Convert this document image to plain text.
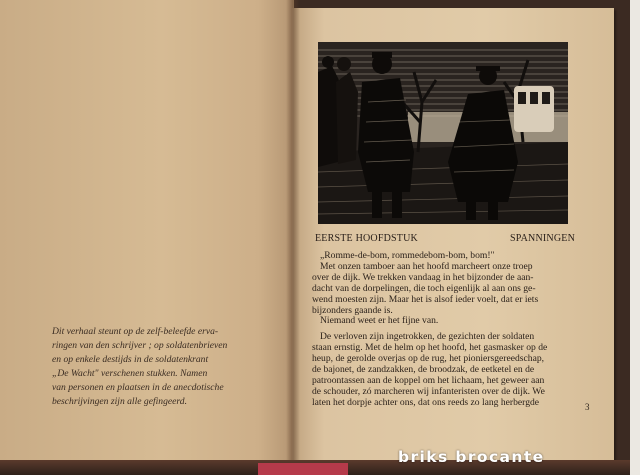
Dit verhaal steunt op de zelf-beleefde erva-
ringen van den schrijver ; op soldatenbrieven
en op enkele destijds in de soldatenkrant
„De Wacht" verschenen stukken. Namen
van personen en plaatsen in de anecdotische
beschrijvingen zijn alle gefingeerd.
EERSTE HOOFDSTUK	SPANNINGEN
„Romme-de-bom, rommedebom-bom, bom!"
Met onzen tamboer aan het hoofd marcheert onze troep
over de dijk. We trekken vandaag in het bijzonder de aan-
dacht van de dorpelingen, die toch eigenlijk al aan ons ge-
wend moesten zijn. Maar het is alsof ieder voelt, dat er iets
bijzonders gaande is.
Niemand weet er het fijne van.
De verloven zijn ingetrokken, de gezichten der soldaten
staan ernstig. Met de helm op het hoofd, het gasmasker op de
heup, de gerolde overjas op de rug, het pioniersgereedschap,
de bajonet, de zandzakken, de broodzak, de eetketel en de
patroontassen aan de koppel om het lichaam, het geweer aan
de schouder, zó marcheren wij infanteristen over de dijk. We
laten het dorpje achter ons, dat ons reeds zo lang herbergde	3
briks brocante
